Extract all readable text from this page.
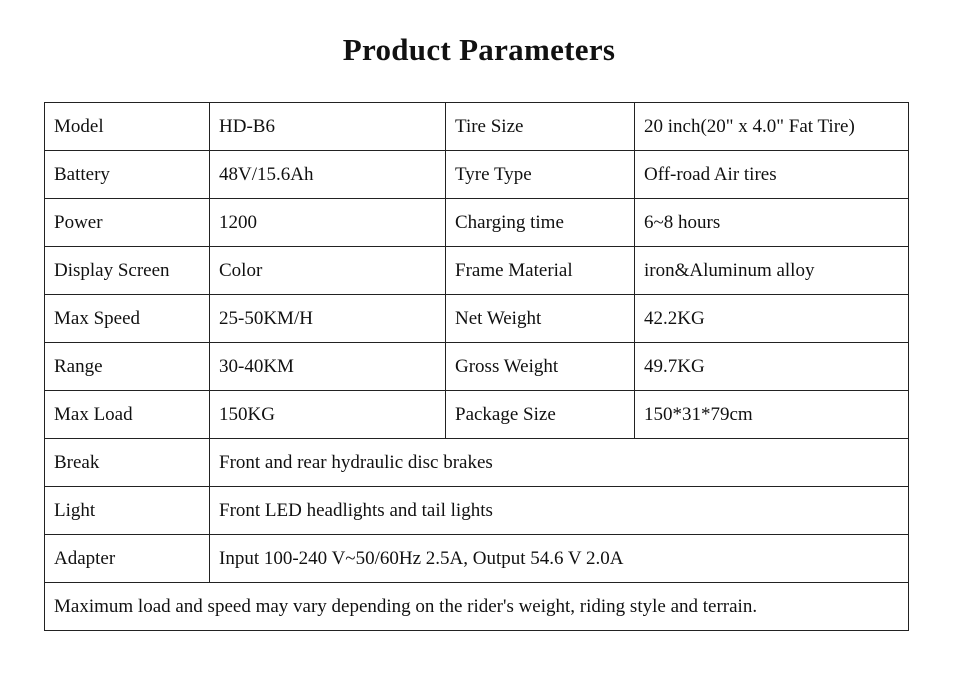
Product Parameters
Model	HD-B6	Tire Size	20 inch(20" x 4.0" Fat Tire)
Battery	48V/15.6Ah	Tyre Type	Off-road Air tires
Power	1200	Charging time	6~8 hours
Display Screen	Color	Frame Material	iron&Aluminum alloy
Max Speed	25-50KM/H	Net Weight	42.2KG
Range	30-40KM	Gross Weight	49.7KG
Max Load	150KG	Package Size	150*31*79cm
Break	Front and rear hydraulic disc brakes		
Light	Front LED headlights and tail lights		
Adapter	Input 100-240 V~50/60Hz 2.5A, Output 54.6 V 2.0A		
Maximum load and speed may vary depending on the rider's weight, riding style and terrain.			
